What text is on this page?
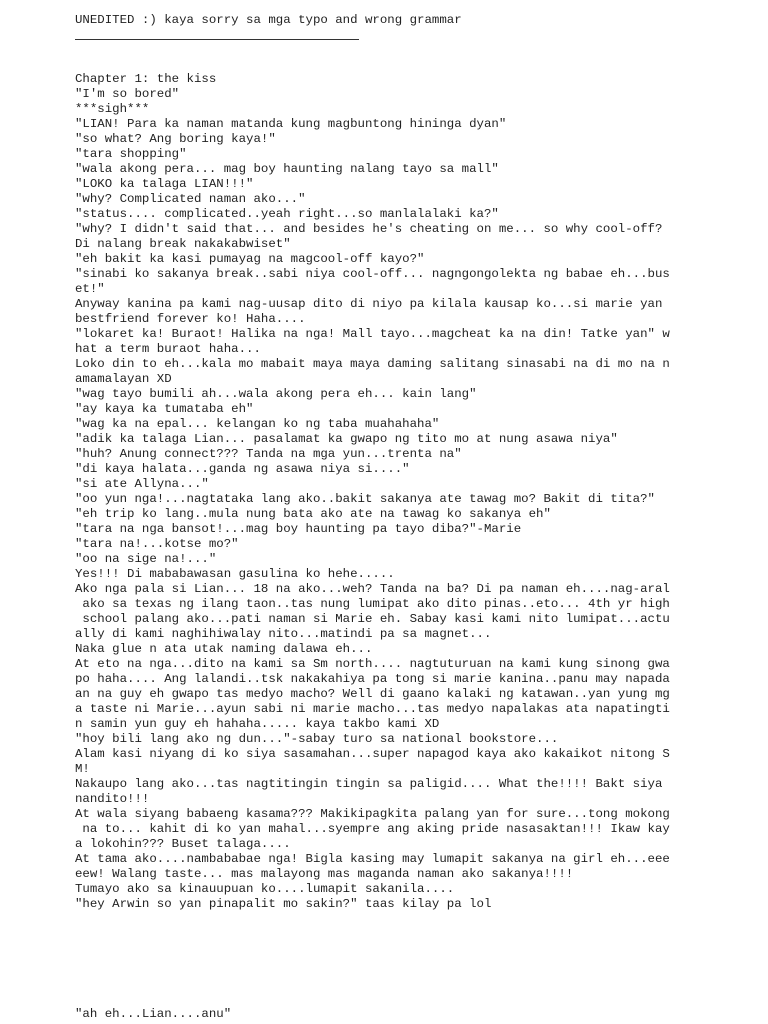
UNEDITED :) kaya sorry sa mga typo and wrong grammar
Chapter 1: the kiss
"I'm so bored"
***sigh***
"LIAN! Para ka naman matanda kung magbuntong hininga dyan"
"so what? Ang boring kaya!"
"tara shopping"
"wala akong pera... mag boy haunting nalang tayo sa mall"
"LOKO ka talaga LIAN!!!"
"why? Complicated naman ako..."
"status.... complicated..yeah right...so manlalalaki ka?"
"why? I didn't said that... and besides he's cheating on me... so why cool-off?
Di nalang break nakakabwiset"
"eh bakit ka kasi pumayag na magcool-off kayo?"
"sinabi ko sakanya break..sabi niya cool-off... nagngongolekta ng babae eh...bus
et!"
Anyway kanina pa kami nag-uusap dito di niyo pa kilala kausap ko...si marie yan
bestfriend forever ko! Haha....
"lokaret ka! Buraot! Halika na nga! Mall tayo...magcheat ka na din! Tatke yan" w
hat a term buraot haha...
Loko din to eh...kala mo mabait maya maya daming salitang sinasabi na di mo na n
amamalayan XD
"wag tayo bumili ah...wala akong pera eh... kain lang"
"ay kaya ka tumataba eh"
"wag ka na epal... kelangan ko ng taba muahahaha"
"adik ka talaga Lian... pasalamat ka gwapo ng tito mo at nung asawa niya"
"huh? Anung connect??? Tanda na mga yun...trenta na"
"di kaya halata...ganda ng asawa niya si...."
"si ate Allyna..."
"oo yun nga!...nagtataka lang ako..bakit sakanya ate tawag mo? Bakit di tita?"
"eh trip ko lang..mula nung bata ako ate na tawag ko sakanya eh"
"tara na nga bansot!...mag boy haunting pa tayo diba?"-Marie
"tara na!...kotse mo?"
"oo na sige na!..."
Yes!!! Di mababawasan gasulina ko hehe.....
Ako nga pala si Lian... 18 na ako...weh? Tanda na ba? Di pa naman eh....nag-aral
ako sa texas ng ilang taon..tas nung lumipat ako dito pinas..eto... 4th yr high
school palang ako...pati naman si Marie eh. Sabay kasi kami nito lumipat...actu
ally di kami naghihiwalay nito...matindi pa sa magnet...
Naka glue n ata utak naming dalawa eh...
At eto na nga...dito na kami sa Sm north.... nagtuturuan na kami kung sinong gwa
po haha.... Ang lalandi..tsk nakakahiya pa tong si marie kanina..panu may napada
an na guy eh gwapo tas medyo macho? Well di gaano kalaki ng katawan..yan yung mg
a taste ni Marie...ayun sabi ni marie macho...tas medyo napalakas ata napatingti
n samin yun guy eh hahaha..... kaya takbo kami XD
"hoy bili lang ako ng dun..."-sabay turo sa national bookstore...
Alam kasi niyang di ko siya sasamahan...super napagod kaya ako kakaikot nitong S
M!
Nakaupo lang ako...tas nagtitingin tingin sa paligid.... What the!!!! Bakt siya
nandito!!!
At wala siyang babaeng kasama??? Makikipagkita palang yan for sure...tong mokong
na to... kahit di ko yan mahal...syempre ang aking pride nasasaktan!!! Ikaw kay
a lokohin??? Buset talaga....
At tama ako....nambababae nga! Bigla kasing may lumapit sakanya na girl eh...eee
eew! Walang taste... mas malayong mas maganda naman ako sakanya!!!!
Tumayo ako sa kinauupuan ko....lumapit sakanila....
"hey Arwin so yan pinapalit mo sakin?" taas kilay pa lol
"ah eh...Lian....anu"
